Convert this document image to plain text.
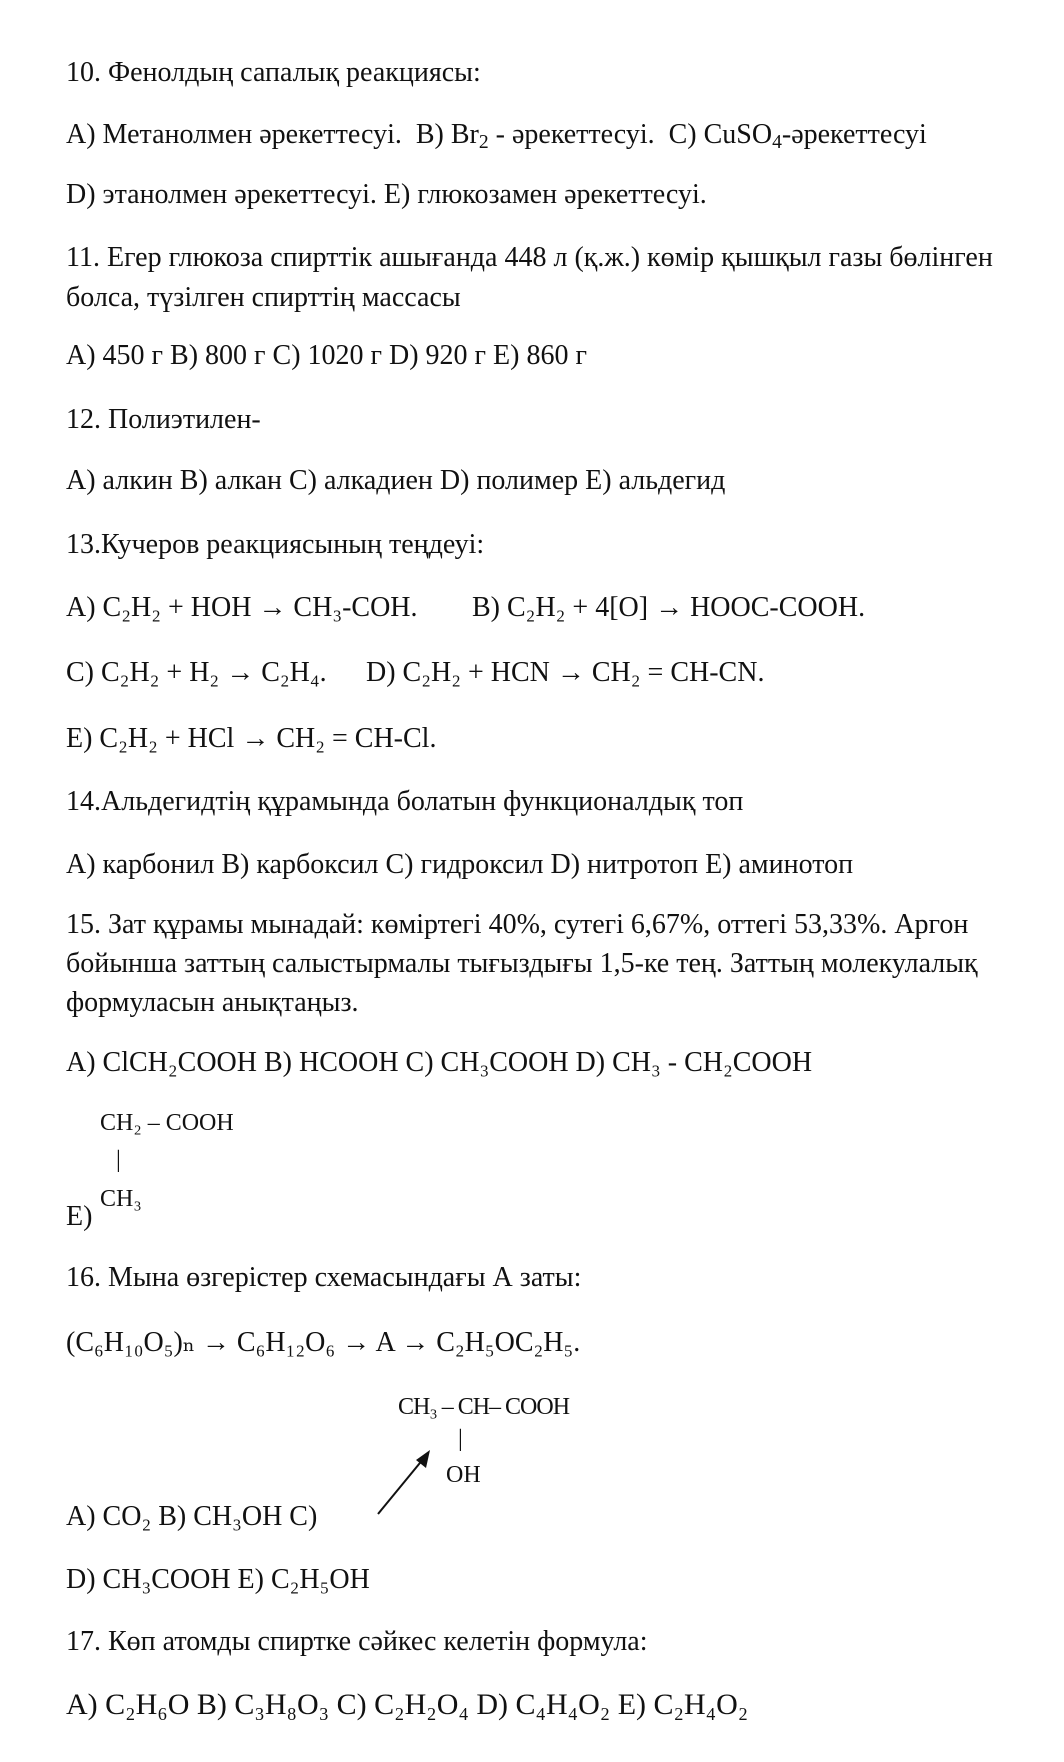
10. Фенолдың сапалық реакциясы:
A) Метанолмен әрекеттесуі. B) $Br_2$ - әрекеттесуі. C) CuSO$_4$-әрекеттесуі
D) этанолмен әрекеттесуі. E) глюкозамен әрекеттесуі.
11. Егер глюкоза спирттік ашығанда 448 л (қ.ж.) көмір қышқыл газы бөлінген
болса, түзілген спирттің массасы
A) 450 г B) 800 г C) 1020 г D) 920 г E) 860 г
12. Полиэтилен-
A) алкин B) алкан C) алкадиен D) полимер E) альдегид
13.Кучеров реакциясының теңдеуі:
A) C₂H₂ + HOH → CH₃-COH. B) C₂H₂ + 4[O] → HOOC-COOH.
C) C₂H₂ + H₂ → C₂H₄. D) C₂H₂ + HCN → CH₂ = CH-CN.
E) C₂H₂ + HCl → CH₂ = CH-Cl.
14.Альдегидтің құрамында болатын функционалдық топ
A) карбонил B) карбоксил C) гидроксил D) нитротоп E) аминотоп
15. Зат құрамы мынадай: көміртегі 40%, сутегі 6,67%, оттегі 53,33%. Аргон
бойынша заттың салыстырмалы тығыздығы 1,5-ке тең. Заттың молекулалық
формуласын анықтаңыз.
A) ClCH₂COOH B) HCOOH C) CH₃COOH D) CH₃ - CH₂COOH
CH₂ – COOH
|
CH₃
E)
16. Мына өзгерістер схемасындағы А заты:
(C₆H₁₀O₅)ₙ → C₆H₁₂O₆ → A → C₂H₅OC₂H₅.
CH₃ – CH– COOH
|
OH
A) CO₂ B) CH₃OH C)
D) CH₃COOH E) C₂H₅OH
17. Көп атомды спиртке сәйкес келетін формула:
A) C₂H₆O B) C₃H₈O₃ C) C₂H₂O₄ D) C₄H₄O₂ E) C₂H₄O₂
